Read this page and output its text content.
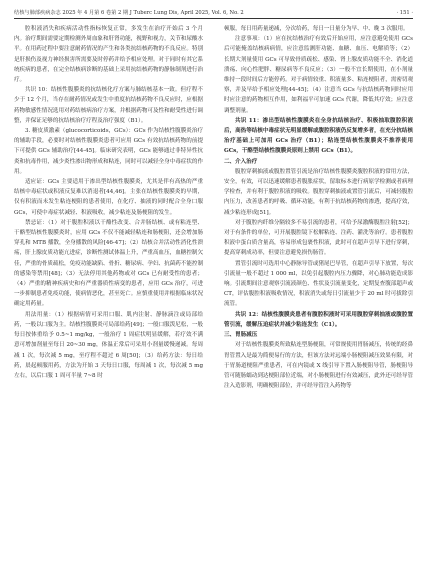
结核与肺部疾病杂志 2025 年 4 月第 6 卷第 2 期 J Tuberc Lung Dis, April 2025, Vol. 6, No. 2	· 151 ·

腔积液消失和疾病活动性指标恢复正常，多发生在治疗开始后 3 个月内。治疗期间需要定期检测外周血象和肝肾功能，视野和视力，关节和尿酸水平。在用药过程中要注意耐药情况的产生和各类抗结核药物的不良反应。特别是肝损伤及视力神经损害所需要及时停药并给予相应处理。对于同时有其它系统疾病的患者，在完全结核病诊断的基础上采用抗结核药物的静脉制剂进行治疗。

共识 10：结核性腹膜炎的抗结核化疗方案与肺结核基本一致。但疗程不少于 12 个月，当存在耐药情况或发生中重度抗结核药物不良反应时，应根据药物敏感性情况选用对药结核病治疗方案，并根据药物可及性和耐受性进行调整，并保证足够的抗结核治疗疗程及治疗强度（B1）。

3. 糖皮质激素（glucocorticoids，GCs）：GCs 作为结核性腹膜炎治疗的辅助手段，必要时对结核性腹膜炎患者可应用 GCs 有效抗结核药物的前提下可提供 GCs 辅助治疗[44-45]。临床研究表明，GCs 能够通过非特异性抗炎和抗毒作用，减少炎性渗出物形成和粘连，同时可以减轻全身中毒症状的作用。

适应证：GCs 主要适用于渗出型结核性腹膜炎，尤其是伴有高热的严重结核中毒症状或积液反复难以消退者[44,46]。主张在结核性腹膜炎的早期，仅有积液而未发生粘连梗阻的患者使用，在化疗、抽液的同时配合全身口服 GCs，可使中毒症状减轻、积液吸收，减少粘连及肠梗阻的发生。

禁忌证：（1）对于腹腔积液以干酪性改变、合并肠结核、或有粘连型、干酪型结核性腹膜炎时，应用 GCs 不仅不能减轻粘连和肠梗阻，还会增加肠穿孔和 MTB 播散，全身播散的风险[46-47]；（2）结核合并活动性消化性溃疡，肝上腺皮质功能亢进症，诊断性测试体温上升，严重高血压，血糖控制欠佳，严重的骨质疏松，免疫功能缺陷、骨折、糖尿病、孕妇、抗菌药不能控制的感染等禁用[48]；（3）无法停用其他药物或对 GCs 已有耐受性的患者；（4）严重的精神疾病史和有严重器质性病变的患者，应用 GCs 治疗，可进一步抑制患者免疫功能，使病情恶化，甚至死亡。应慎重使用并根据临床状况确定用药量。

用法用量：（1）根据病情可采用口服、肌内注射、静脉滴注或局部给药，一般以口服为主。结核性腹膜炎可局部给药[49]；一般口服泼尼松，一般每日按体重给予 0.5~1 mg/kg，一般治疗 1 周症状明显缓解，若疗效不满意可增加剂量至每日 20~30 mg，体温正常后可采用小剂量缓慢递减。每周减 1 次，每次减 5 mg，至疗程不超过 6 周[50]；（3）给药方法：每日给药，晨起顿服用药，方法为开始 3 天每日口服，每周减 1 次，每次减 5 mg 左右，以后口服 1 周可半量 7~8 时

顿服，每日用药量递减，分次给药，每日一日量分为早、中、晚 3 次服用。

注意事项：（1）应在抗结核治疗有效后开始应用，应注意避免使用 GCs 后可能掩盖结核病病情，应注意监测肝功能、血糖、血压、电解质等；（2）长期大剂量使用 GCs 可导致骨质疏松、感染、肾上腺皮质功能不全、消化道溃疡、向心性肥胖、糖尿病等不良反应；（3）一般不宜长期使用，在小剂量维持一段时间后方能停药。对于病情较重、积液量多、粘连梗阻者，需密切观察，并及早给予相应处理[44-45]；（4）注意当 GCs 与抗结核药物同时应用时应注意的药物相互作用，如利福平可加速 GCs 代谢，降低其疗效；应注意调整剂量。

共识 11：渗出型结核性腹膜炎在全身抗结核治疗、积极抽取腹腔积液后，高热等结核中毒症状无明显缓解或腹腔积液仍反复增多者，在充分抗结核治疗基础上可加用 GCs 治疗（B1）；粘连型结核性腹膜炎不推荐使用 GCs，干酪型结核性腹膜炎原则上禁用 GCs（B1）。

二、介入治疗

腹腔穿刺抽液或腹腔置管引流是治疗结核性腹膜炎腹腔积液的常用方法，安全，有效，可以迅速缓解患者腹胀症状，留取标本进行病原学检测或者病理学检查，并有利于腹腔积液的吸收。腹腔穿刺抽液或置管引流后，可减轻腹腔内压力，改善患者的呼吸、循环功能，有利于抗结核药物的渗透，提高疗效，减少粘连形成[51]。

对于腹腔内纤维分隔较多不易引流的患者，可给予尿激酶腹腔注射[52]；对于有条件的单位，可开展腹腔镜下松解粘连、注药、灌洗等治疗。患者腹腔积液中蛋白质含量高，容易形成包裹性积液，此时可在超声引导下进行穿刺，提高穿刺成功率，但要注意避免损伤肠管。

置管引流时可选用中心静脉导管或猪尾巴导管，在超声引导下放置，每次引流量一般不超过 1 000 ml，以免引起腹腔内压力骤降，对心肺功能造成影响。引流期间注意观察引流液颜色、性状及引流量变化，定期复查腹部超声或 CT，评估腹腔积液吸收情况，积液消失或每日引流量少于 20 ml 时可拔除引流管。

共识 12：结核性腹膜炎患者有腹腔积液时可采用腹腔穿刺抽液或腹腔置管引流，缓解压迫症状并减少粘连发生（C1）。

三、胃肠减压

对于结核性腹膜炎所致粘连型肠梗阻，可常规使用胃肠减压，传统的经鼻胃管置入是最为简便易行的方法，但该方法对远端小肠梗阻减压效果有限，对于胃肠道梗阻严重患者，可在内镜或 X 线引导下置入肠梗阻导管，肠梗阻导管可随肠蠕动到达梗阻部位近端，对小肠梗阻进行有效减压，此外还可经导管注入造影剂，明确梗阻部位，并可经导管注入药物等
